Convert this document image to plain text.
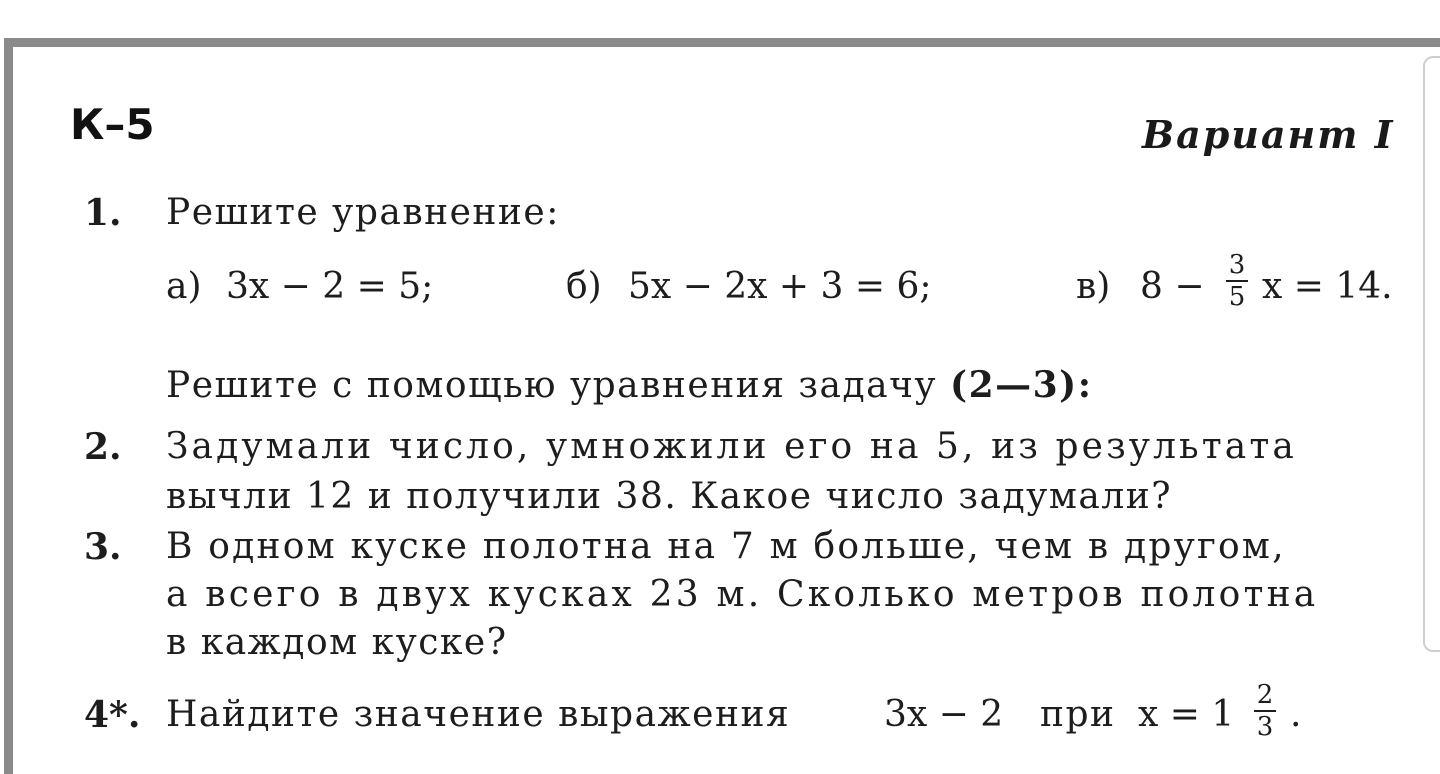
К–5	Вариант I
1. Решите уравнение:
а) 3x − 2 = 5;	б) 5x − 2x + 3 = 6;	в) 8 −
3
5 x = 14.
Решите с помощью уравнения задачу (2—3):
2. Задумали число, умножили его на 5, из результата
вычли 12 и получили 38. Какое число задумали?
3. В одном куске полотна на 7 м больше, чем в другом,
а всего в двух кусках 23 м. Сколько метров полотна
в каждом куске?
4*. Найдите значение выражения	3x − 2 при x = 1 2
3 .
